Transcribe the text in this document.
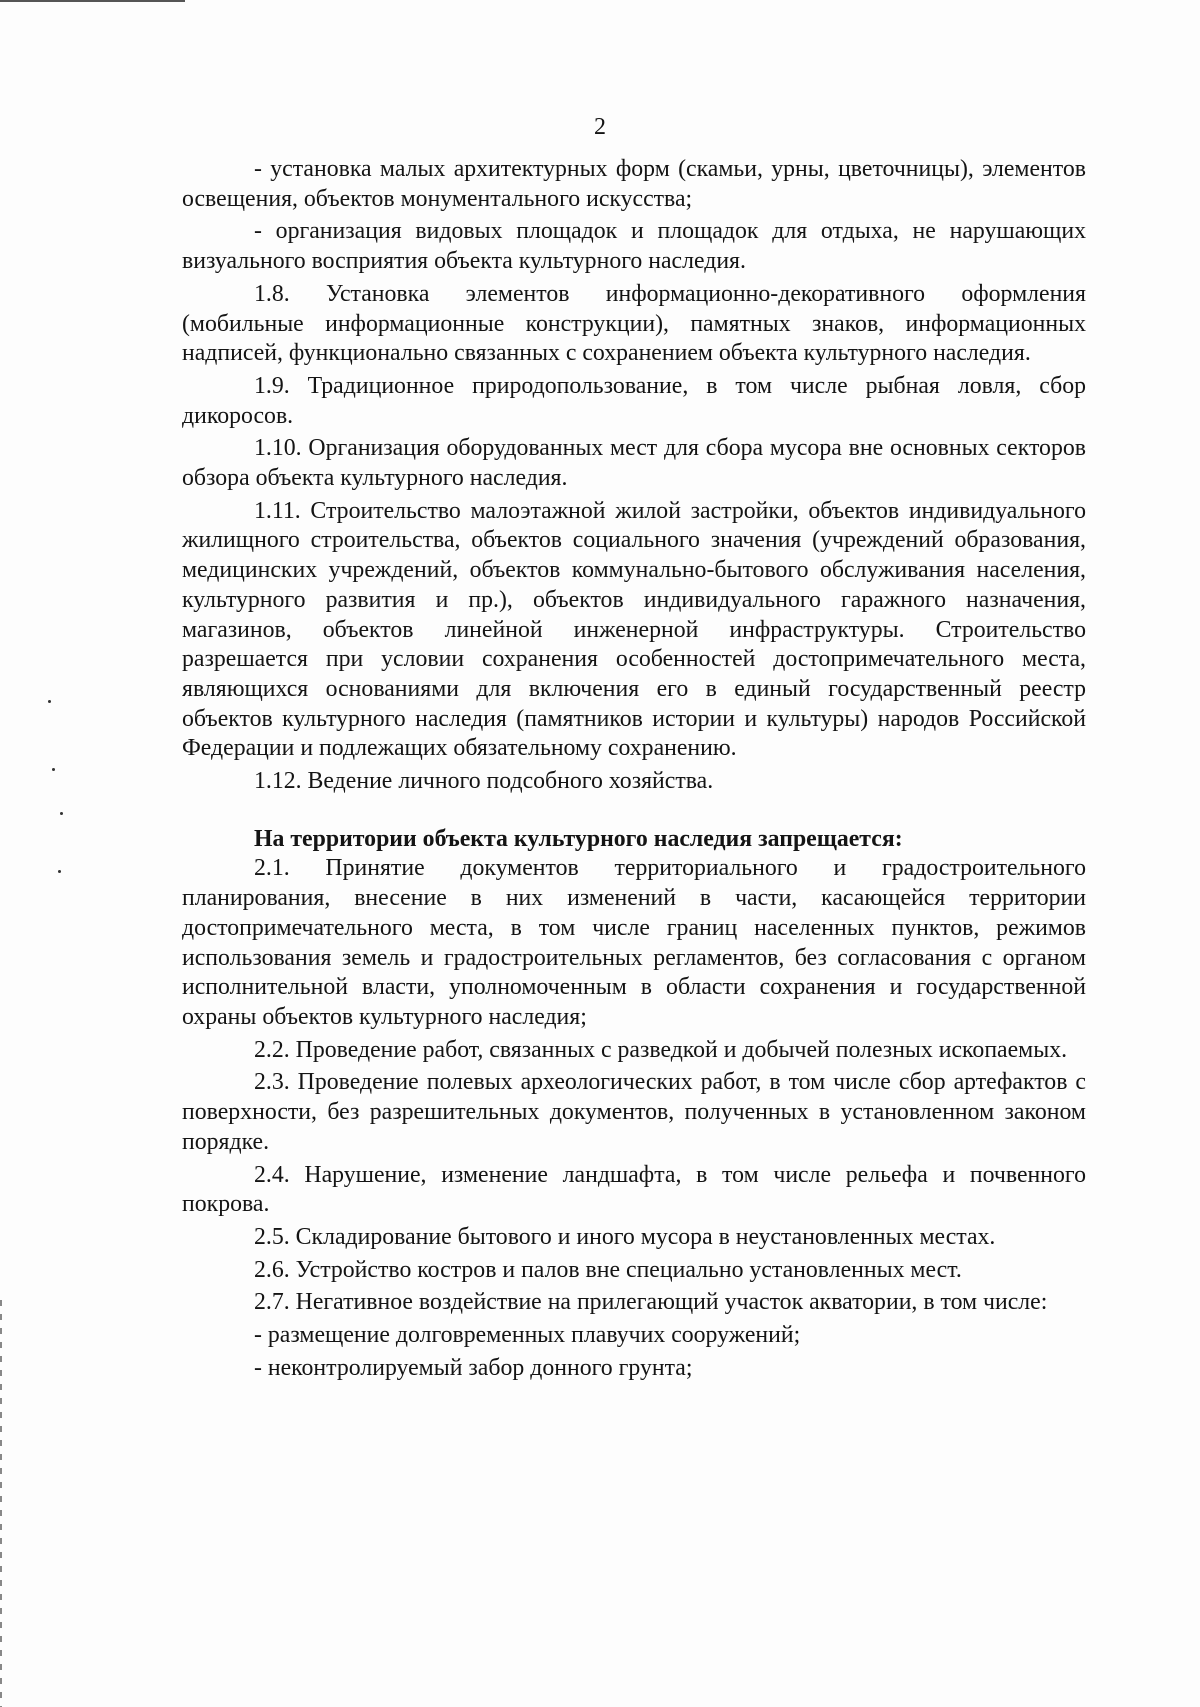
2

- установка малых архитектурных форм (скамьи, урны, цветочницы), элементов освещения, объектов монументального искусства;

- организация видовых площадок и площадок для отдыха, не нарушающих визуального восприятия объекта культурного наследия.

1.8. Установка элементов информационно-декоративного оформления (мобильные информационные конструкции), памятных знаков, информационных надписей, функционально связанных с сохранением объекта культурного наследия.

1.9. Традиционное природопользование, в том числе рыбная ловля, сбор дикоросов.

1.10. Организация оборудованных мест для сбора мусора вне основных секторов обзора объекта культурного наследия.

1.11. Строительство малоэтажной жилой застройки, объектов индивидуального жилищного строительства, объектов социального значения (учреждений образования, медицинских учреждений, объектов коммунально-бытового обслуживания населения, культурного развития и пр.), объектов индивидуального гаражного назначения, магазинов, объектов линейной инженерной инфраструктуры. Строительство разрешается при условии сохранения особенностей достопримечательного места, являющихся основаниями для включения его в единый государственный реестр объектов культурного наследия (памятников истории и культуры) народов Российской Федерации и подлежащих обязательному сохранению.

1.12. Ведение личного подсобного хозяйства.

На территории объекта культурного наследия запрещается:

2.1. Принятие документов территориального и градостроительного планирования, внесение в них изменений в части, касающейся территории достопримечательного места, в том числе границ населенных пунктов, режимов использования земель и градостроительных регламентов, без согласования с органом исполнительной власти, уполномоченным в области сохранения и государственной охраны объектов культурного наследия;

2.2. Проведение работ, связанных с разведкой и добычей полезных ископаемых.

2.3. Проведение полевых археологических работ, в том числе сбор артефактов с поверхности, без разрешительных документов, полученных в установленном законом порядке.

2.4. Нарушение, изменение ландшафта, в том числе рельефа и почвенного покрова.

2.5. Складирование бытового и иного мусора в неустановленных местах.

2.6. Устройство костров и палов вне специально установленных мест.

2.7. Негативное воздействие на прилегающий участок акватории, в том числе:

- размещение долговременных плавучих сооружений;

- неконтролируемый забор донного грунта;
